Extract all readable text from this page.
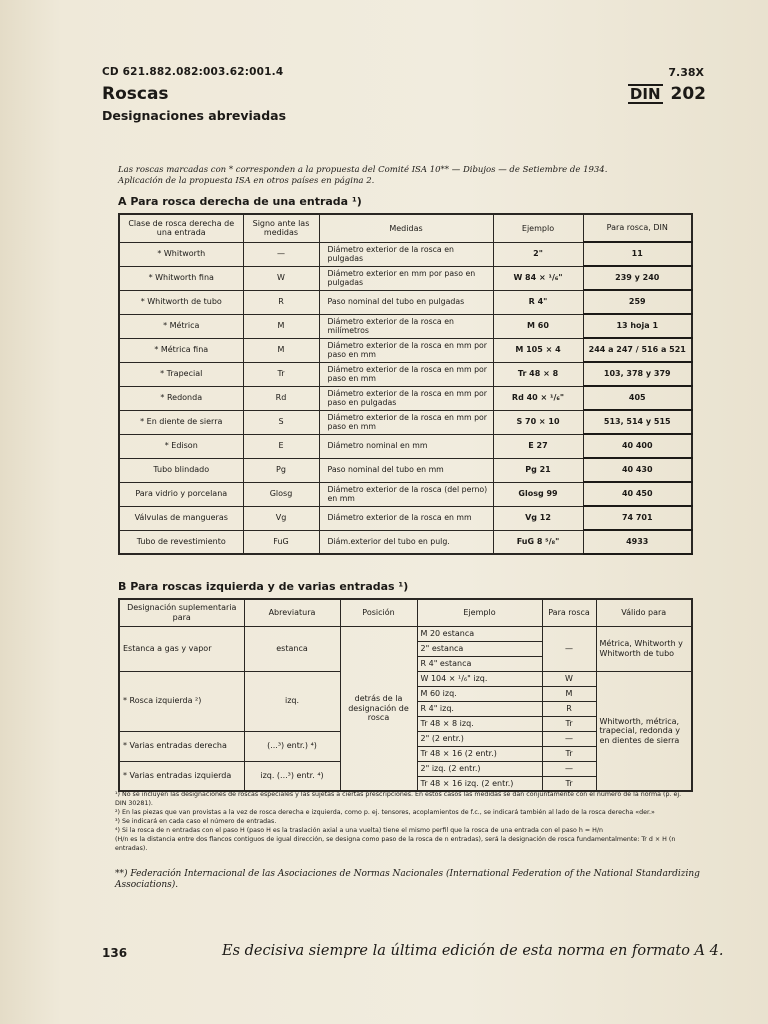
CD 621.882.082:003.62:001.4	7.38X
Roscas
Designaciones abreviadas
DIN 202
Las roscas marcadas con * corresponden a la propuesta del Comité ISA 10** — Dibujos — de Setiembre de 1934.
Aplicación de la propuesta ISA en otros países en página 2.
A Para rosca derecha de una entrada ¹)
Clase de rosca derecha de una entrada	Signo ante las medidas	Medidas	Ejemplo	Para rosca, DIN
* Whitworth	—	Diámetro exterior de la rosca en pulgadas	2"	11
* Whitworth fina	W	Diámetro exterior en mm por paso en pulgadas	W 84 × ¹/₆"	239 y 240
* Whitworth de tubo	R	Paso nominal del tubo en pulgadas	R 4"	259
* Métrica	M	Diámetro exterior de la rosca en milímetros	M 60	13 hoja 1
* Métrica fina	M	Diámetro exterior de la rosca en mm por paso en mm	M 105 × 4	244 a 247 / 516 a 521
* Trapecial	Tr	Diámetro exterior de la rosca en mm por paso en mm	Tr 48 × 8	103, 378 y 379
* Redonda	Rd	Diámetro exterior de la rosca en mm por paso en pulgadas	Rd 40 × ¹/₆"	405
* En diente de sierra	S	Diámetro exterior de la rosca en mm por paso en mm	S 70 × 10	513, 514 y 515
* Edison	E	Diámetro nominal en mm	E 27	40 400
Tubo blindado	Pg	Paso nominal del tubo en mm	Pg 21	40 430
Para vidrio y porcelana	Glosg	Diámetro exterior de la rosca (del perno) en mm	Glosg 99	40 450
Válvulas de mangueras	Vg	Diámetro exterior de la rosca en mm	Vg 12	74 701
Tubo de revestimiento	FuG	Diám.exterior del tubo en pulg.	FuG 8 ⁵/₈"	4933
B Para roscas izquierda y de varias entradas ¹)
Designación suplementaria para	Abreviatura	Posición	Ejemplo	Para rosca	Válido para
Estanca a gas y vapor	estanca	detrás de la designación de rosca	M 20 estanca	—	Métrica, Whitworth y Whitworth de tubo
			2" estanca		
			R 4" estanca		
* Rosca izquierda ²)	izq.		W 104 × ¹/₆" izq.	W	Whitworth, métrica, trapecial, redonda y en dientes de sierra
			M 60 izq.	M	
			R 4" izq.	R	
			Tr 48 × 8 izq.	Tr	
* Varias entradas derecha	(...³) entr.) ⁴)		2" (2 entr.)	—	
			Tr 48 × 16 (2 entr.)	Tr	
* Varias entradas izquierda	izq. (...³) entr. ⁴)		2" izq. (2 entr.)	—	
			Tr 48 × 16 izq. (2 entr.)	Tr	
¹) No se incluyen las designaciones de roscas especiales y las sujetas a ciertas prescripciones. En estos casos las medidas se dan conjuntamente con el número de la norma (p. ej. DIN 30281).
²) En las piezas que van provistas a la vez de rosca derecha e izquierda, como p. ej. tensores, acoplamientos de f.c., se indicará también al lado de la rosca derecha «der.»
³) Se indicará en cada caso el número de entradas.
⁴) Si la rosca de n entradas con el paso H (paso H es la traslación axial a una vuelta) tiene el mismo perfil que la rosca de una entrada con el paso h = H/n
(H/n es la distancia entre dos flancos contiguos de igual dirección, se designa como paso de la rosca de n entradas), será la designación de rosca fundamentalmente: Tr d × H (n entradas).
**) Federación Internacional de las Asociaciones de Normas Nacionales (International Federation of the National Standardizing Associations).
136	Es decisiva siempre la última edición de esta norma en formato A 4.
